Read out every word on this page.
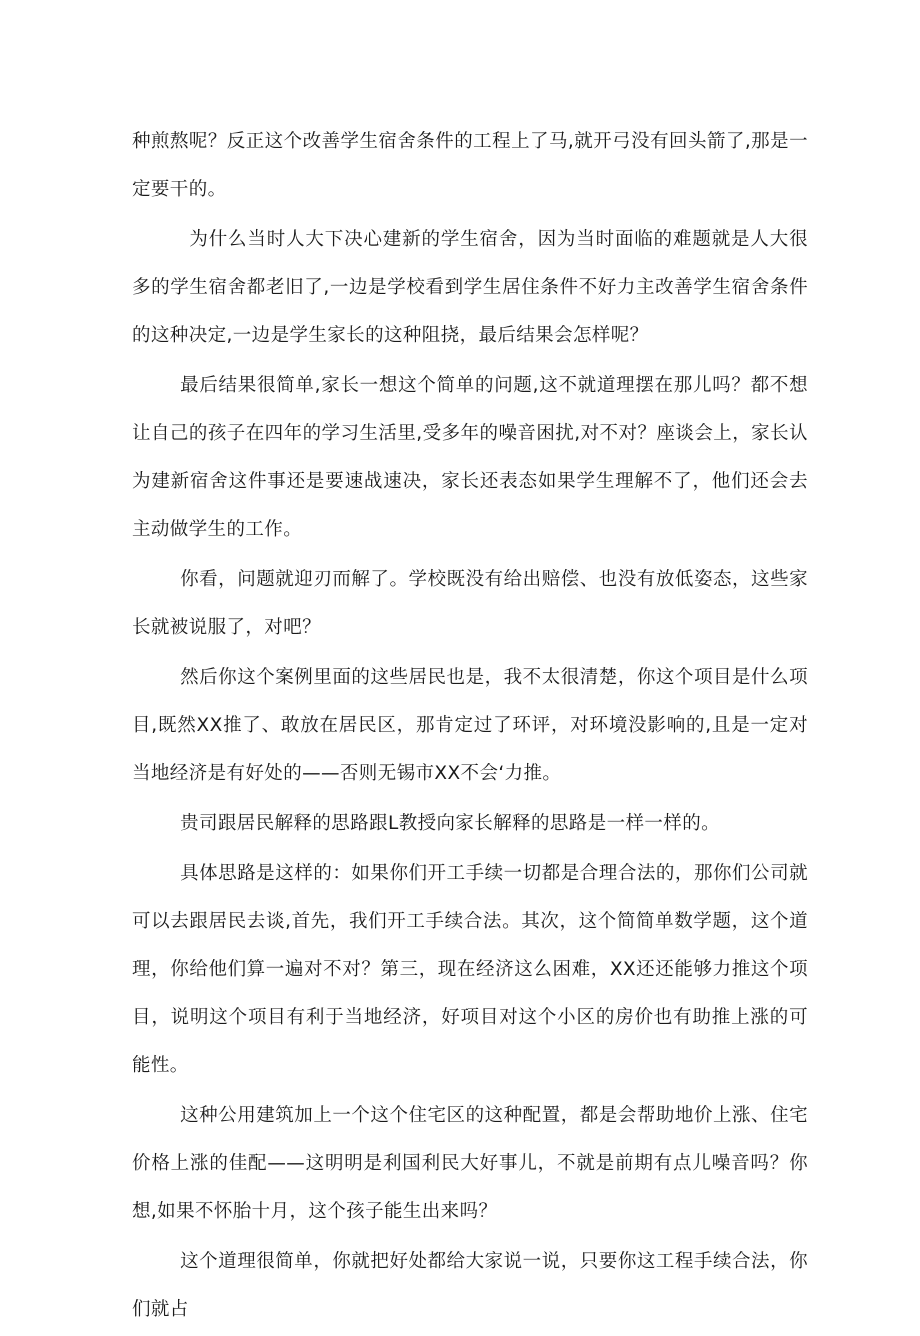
种煎熬呢？反正这个改善学生宿舍条件的工程上了马,就开弓没有回头箭了,那是一定要干的。

为什么当时人大下决心建新的学生宿舍，因为当时面临的难题就是人大很多的学生宿舍都老旧了,一边是学校看到学生居住条件不好力主改善学生宿舍条件的这种决定,一边是学生家长的这种阻挠，最后结果会怎样呢？

最后结果很简单,家长一想这个简单的问题,这不就道理摆在那儿吗？都不想让自己的孩子在四年的学习生活里,受多年的噪音困扰,对不对？座谈会上，家长认为建新宿舍这件事还是要速战速决，家长还表态如果学生理解不了，他们还会去主动做学生的工作。

你看，问题就迎刃而解了。学校既没有给出赔偿、也没有放低姿态，这些家长就被说服了，对吧？

然后你这个案例里面的这些居民也是，我不太很清楚，你这个项目是什么项目,既然XX推了、敢放在居民区，那肯定过了环评，对环境没影响的,且是一定对当地经济是有好处的——否则无锡市XX不会‘力推。

贵司跟居民解释的思路跟L教授向家长解释的思路是一样一样的。

具体思路是这样的：如果你们开工手续一切都是合理合法的，那你们公司就可以去跟居民去谈,首先，我们开工手续合法。其次，这个简简单数学题，这个道理，你给他们算一遍对不对？第三，现在经济这么困难，XX还还能够力推这个项目，说明这个项目有利于当地经济，好项目对这个小区的房价也有助推上涨的可能性。

这种公用建筑加上一个这个住宅区的这种配置，都是会帮助地价上涨、住宅价格上涨的佳配——这明明是利国利民大好事儿，不就是前期有点儿噪音吗？你想,如果不怀胎十月，这个孩子能生出来吗？

这个道理很简单，你就把好处都给大家说一说，只要你这工程手续合法，你们就占
